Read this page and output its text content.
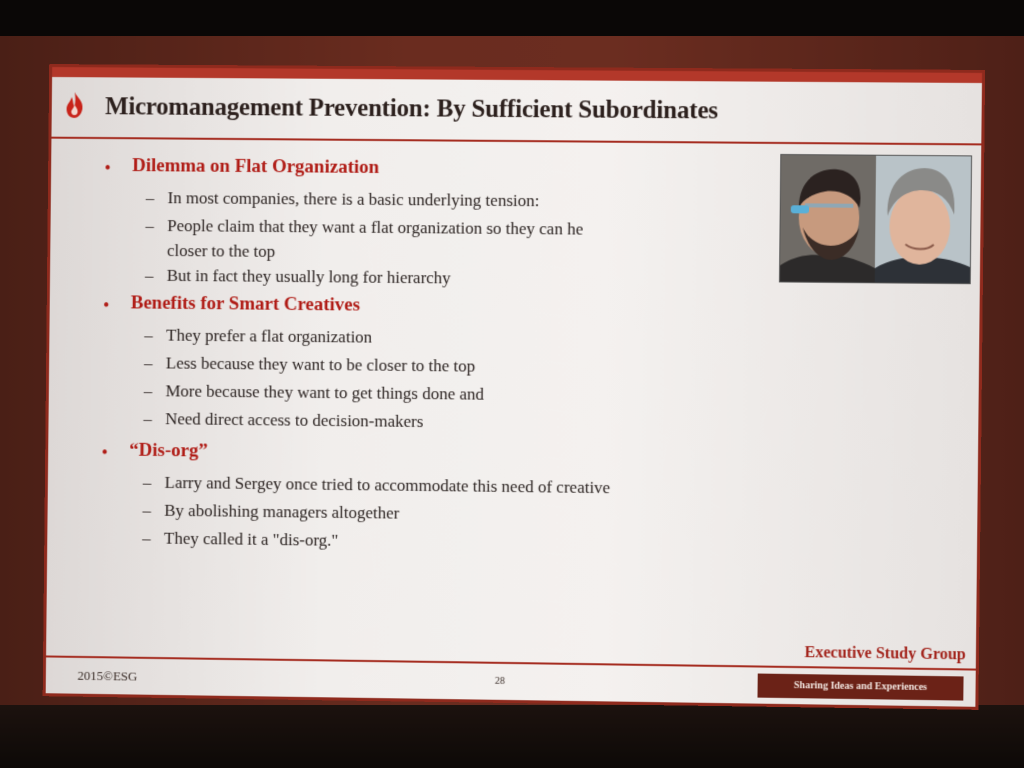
Micromanagement Prevention: By Sufficient Subordinates
• Dilemma on Flat Organization
– In most companies, there is a basic underlying tension:
– People claim that they want a flat organization so they can he closer to the top
– But in fact they usually long for hierarchy
• Benefits for Smart Creatives
– They prefer a flat organization
– Less because they want to be closer to the top
– More because they want to get things done and
– Need direct access to decision-makers
• “Dis-org”
– Larry and Sergey once tried to accommodate this need of creative
– By abolishing managers altogether
– They called it a "dis-org."
Executive Study Group
2015©ESG	28	Sharing Ideas and Experiences
